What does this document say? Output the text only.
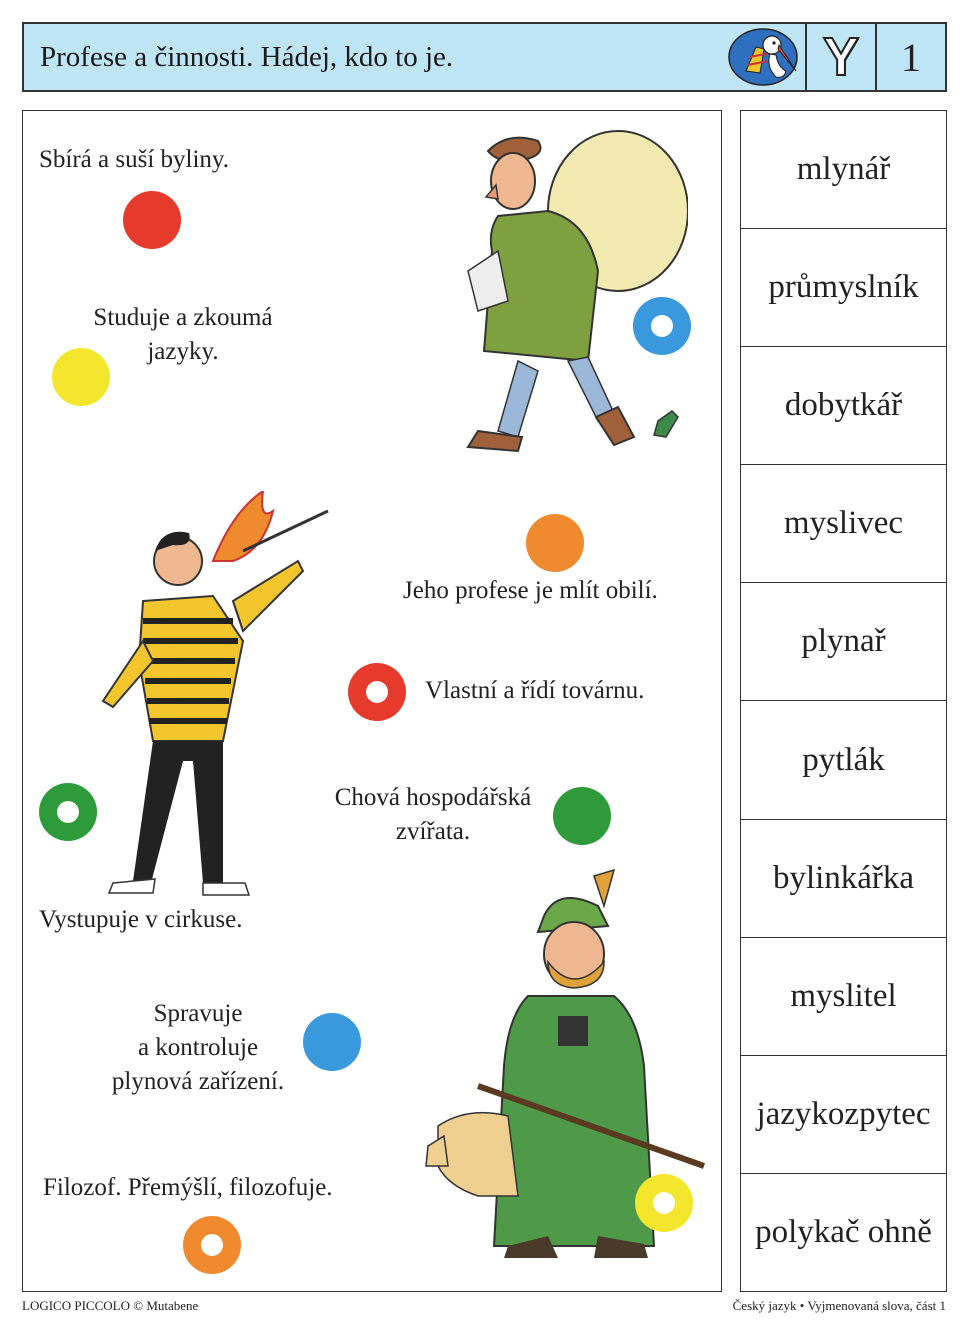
Profese a činnosti. Hádej, kdo to je.	Y	1
Sbírá a suší byliny.
Studuje a zkoumá
jazyky.
Jeho profese je mlít obilí.
Vlastní a řídí továrnu.
Chová hospodářská
zvířata.
Vystupuje v cirkuse.
Spravuje
a kontroluje
plynová zařízení.
Filozof. Přemýšlí, filozofuje.
mlynář
průmyslník
dobytkář
myslivec
plynař
pytlák
bylinkářka
myslitel
jazykozpytec
polykač ohně
LOGICO PICCOLO © Mutabene	Český jazyk • Vyjmenovaná slova, část 1
